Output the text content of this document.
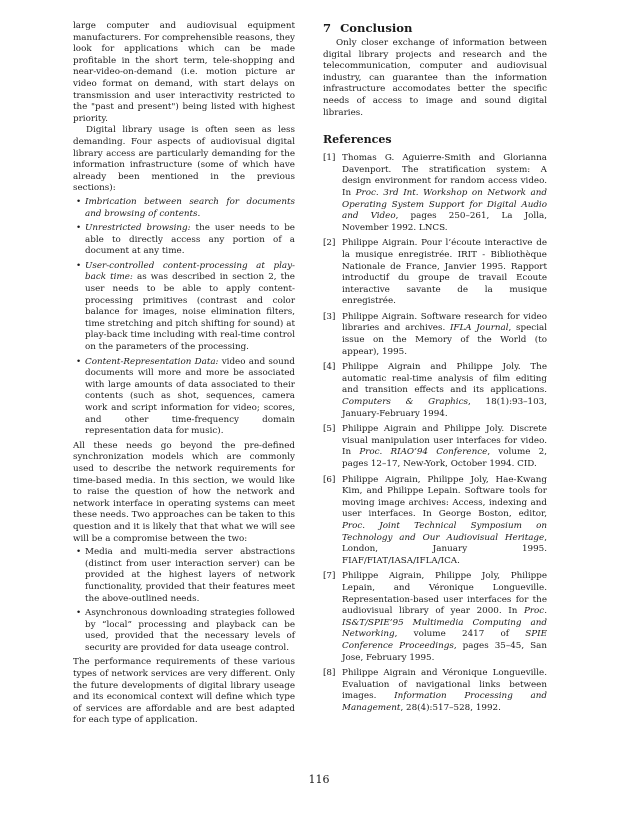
large computer and audiovisual equipment manufacturers. For comprehensible reasons, they look for applications which can be made profitable in the short term, tele-shopping and near-video-on-demand (i.e. motion picture ar video format on demand, with start delays on transmission and user interactivity restricted to the "past and present") being listed with highest priority.

Digital library usage is often seen as less demanding. Four aspects of audiovisual digital library access are particularly demanding for the information infrastructure (some of which have already been mentioned in the previous sections):

• Imbrication between search for documents and browsing of contents.
• Unrestricted browsing: the user needs to be able to directly access any portion of a document at any time.
• User-controlled content-processing at play-back time: as was described in section 2, the user needs to be able to apply content-processing primitives (contrast and color balance for images, noise elimination filters, time stretching and pitch shifting for sound) at play-back time including with real-time control on the parameters of the processing.
• Content-Representation Data: video and sound documents will more and more be associated with large amounts of data associated to their contents (such as shot, sequences, camera work and script information for video; scores, and other time-frequency domain representation data for music).

All these needs go beyond the pre-defined synchronization models which are commonly used to describe the network requirements for time-based media. In this section, we would like to raise the question of how the network and network interface in operating systems can meet these needs. Two approaches can be taken to this question and it is likely that that what we will see will be a compromise between the two:

• Media and multi-media server abstractions (distinct from user interaction server) can be provided at the highest layers of network functionality, provided that their features meet the above-outlined needs.
• Asynchronous downloading strategies followed by “local” processing and playback can be used, provided that the necessary levels of security are provided for data useage control.

The performance requirements of these various types of network services are very different. Only the future developments of digital library useage and its economical context will define which type of services are affordable and are best adapted for each type of application.

7 Conclusion

Only closer exchange of information between digital library projects and research and the telecommunication, computer and audiovisual industry, can guarantee than the information infrastructure accomodates better the specific needs of access to image and sound digital libraries.

References
[1] Thomas G. Aguierre-Smith and Glorianna Davenport. The stratification system: A design environment for random access video. In Proc. 3rd Int. Workshop on Network and Operating System Support for Digital Audio and Video, pages 250–261, La Jolla, November 1992. LNCS.
[2] Philippe Aigrain. Pour l’écoute interactive de la musique enregistrée. IRIT - Bibliothèque Nationale de France, Janvier 1995. Rapport introductif du groupe de travail Ecoute interactive savante de la musique enregistrée.
[3] Philippe Aigrain. Software research for video libraries and archives. IFLA Journal, special issue on the Memory of the World (to appear), 1995.
[4] Philippe Aigrain and Philippe Joly. The automatic real-time analysis of film editing and transition effects and its applications. Computers & Graphics, 18(1):93–103, January-February 1994.
[5] Philippe Aigrain and Philippe Joly. Discrete visual manipulation user interfaces for video. In Proc. RIAO’94 Conference, volume 2, pages 12–17, New-York, October 1994. CID.
[6] Philippe Aigrain, Philippe Joly, Hae-Kwang Kim, and Philippe Lepain. Software tools for moving image archives: Access, indexing and user interfaces. In George Boston, editor, Proc. Joint Technical Symposium on Technology and Our Audiovisual Heritage, London, January 1995. FIAF/FIAT/IASA/IFLA/ICA.
[7] Philippe Aigrain, Philippe Joly, Philippe Lepain, and Véronique Longueville. Representation-based user interfaces for the audiovisual library of year 2000. In Proc. IS&T/SPIE’95 Multimedia Computing and Networking, volume 2417 of SPIE Conference Proceedings, pages 35–45, San Jose, February 1995.
[8] Philippe Aigrain and Véronique Longueville. Evaluation of navigational links between images. Information Processing and Management, 28(4):517–528, 1992.
116
